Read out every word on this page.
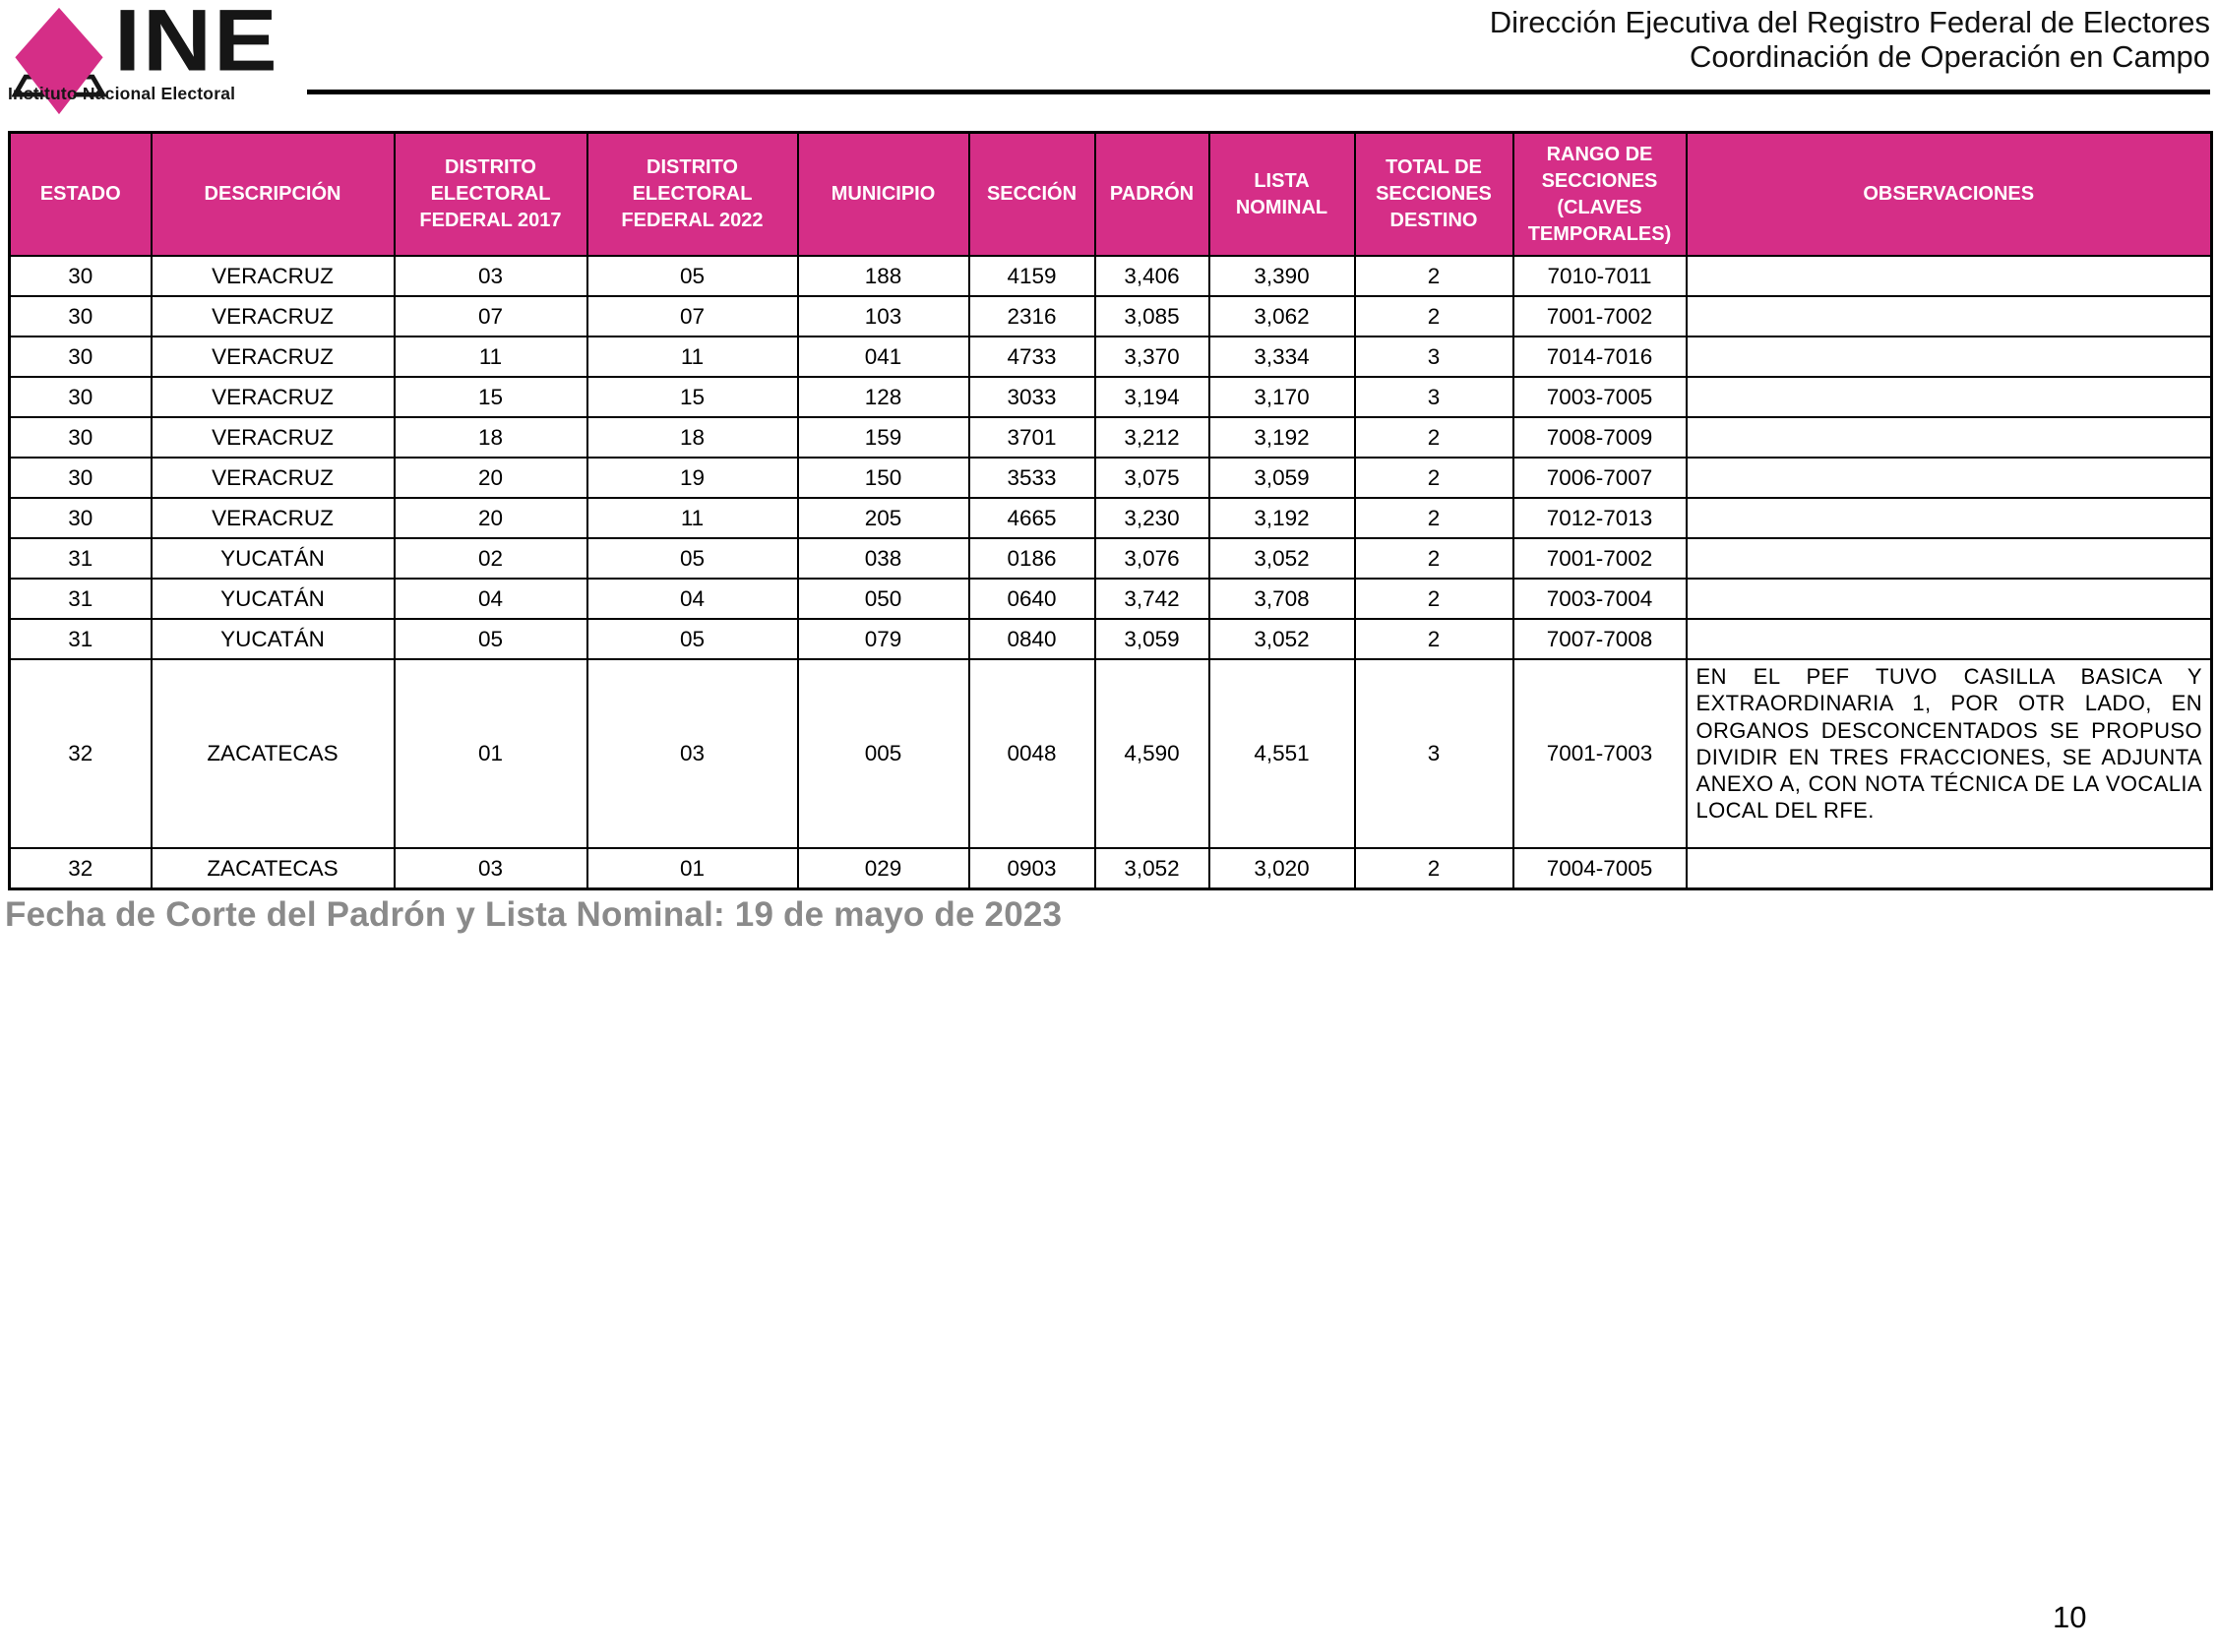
INE
Instituto Nacional Electoral
Dirección Ejecutiva del Registro Federal de Electores
Coordinación de Operación en Campo
ESTADO	DESCRIPCIÓN	DISTRITO ELECTORAL FEDERAL 2017	DISTRITO ELECTORAL FEDERAL 2022	MUNICIPIO	SECCIÓN	PADRÓN	LISTA NOMINAL	TOTAL DE SECCIONES DESTINO	RANGO DE SECCIONES (CLAVES TEMPORALES)	OBSERVACIONES
30	VERACRUZ	03	05	188	4159	3,406	3,390	2	7010-7011	
30	VERACRUZ	07	07	103	2316	3,085	3,062	2	7001-7002	
30	VERACRUZ	11	11	041	4733	3,370	3,334	3	7014-7016	
30	VERACRUZ	15	15	128	3033	3,194	3,170	3	7003-7005	
30	VERACRUZ	18	18	159	3701	3,212	3,192	2	7008-7009	
30	VERACRUZ	20	19	150	3533	3,075	3,059	2	7006-7007	
30	VERACRUZ	20	11	205	4665	3,230	3,192	2	7012-7013	
31	YUCATÁN	02	05	038	0186	3,076	3,052	2	7001-7002	
31	YUCATÁN	04	04	050	0640	3,742	3,708	2	7003-7004	
31	YUCATÁN	05	05	079	0840	3,059	3,052	2	7007-7008	
32	ZACATECAS	01	03	005	0048	4,590	4,551	3	7001-7003	EN EL PEF TUVO CASILLA BASICA Y EXTRAORDINARIA 1, POR OTR LADO, EN ORGANOS DESCONCENTADOS SE PROPUSO DIVIDIR EN TRES FRACCIONES, SE ADJUNTA ANEXO A, CON NOTA TÉCNICA DE LA VOCALIA LOCAL DEL RFE.
32	ZACATECAS	03	01	029	0903	3,052	3,020	2	7004-7005	
Fecha de Corte del Padrón y Lista Nominal: 19 de mayo de 2023
10
